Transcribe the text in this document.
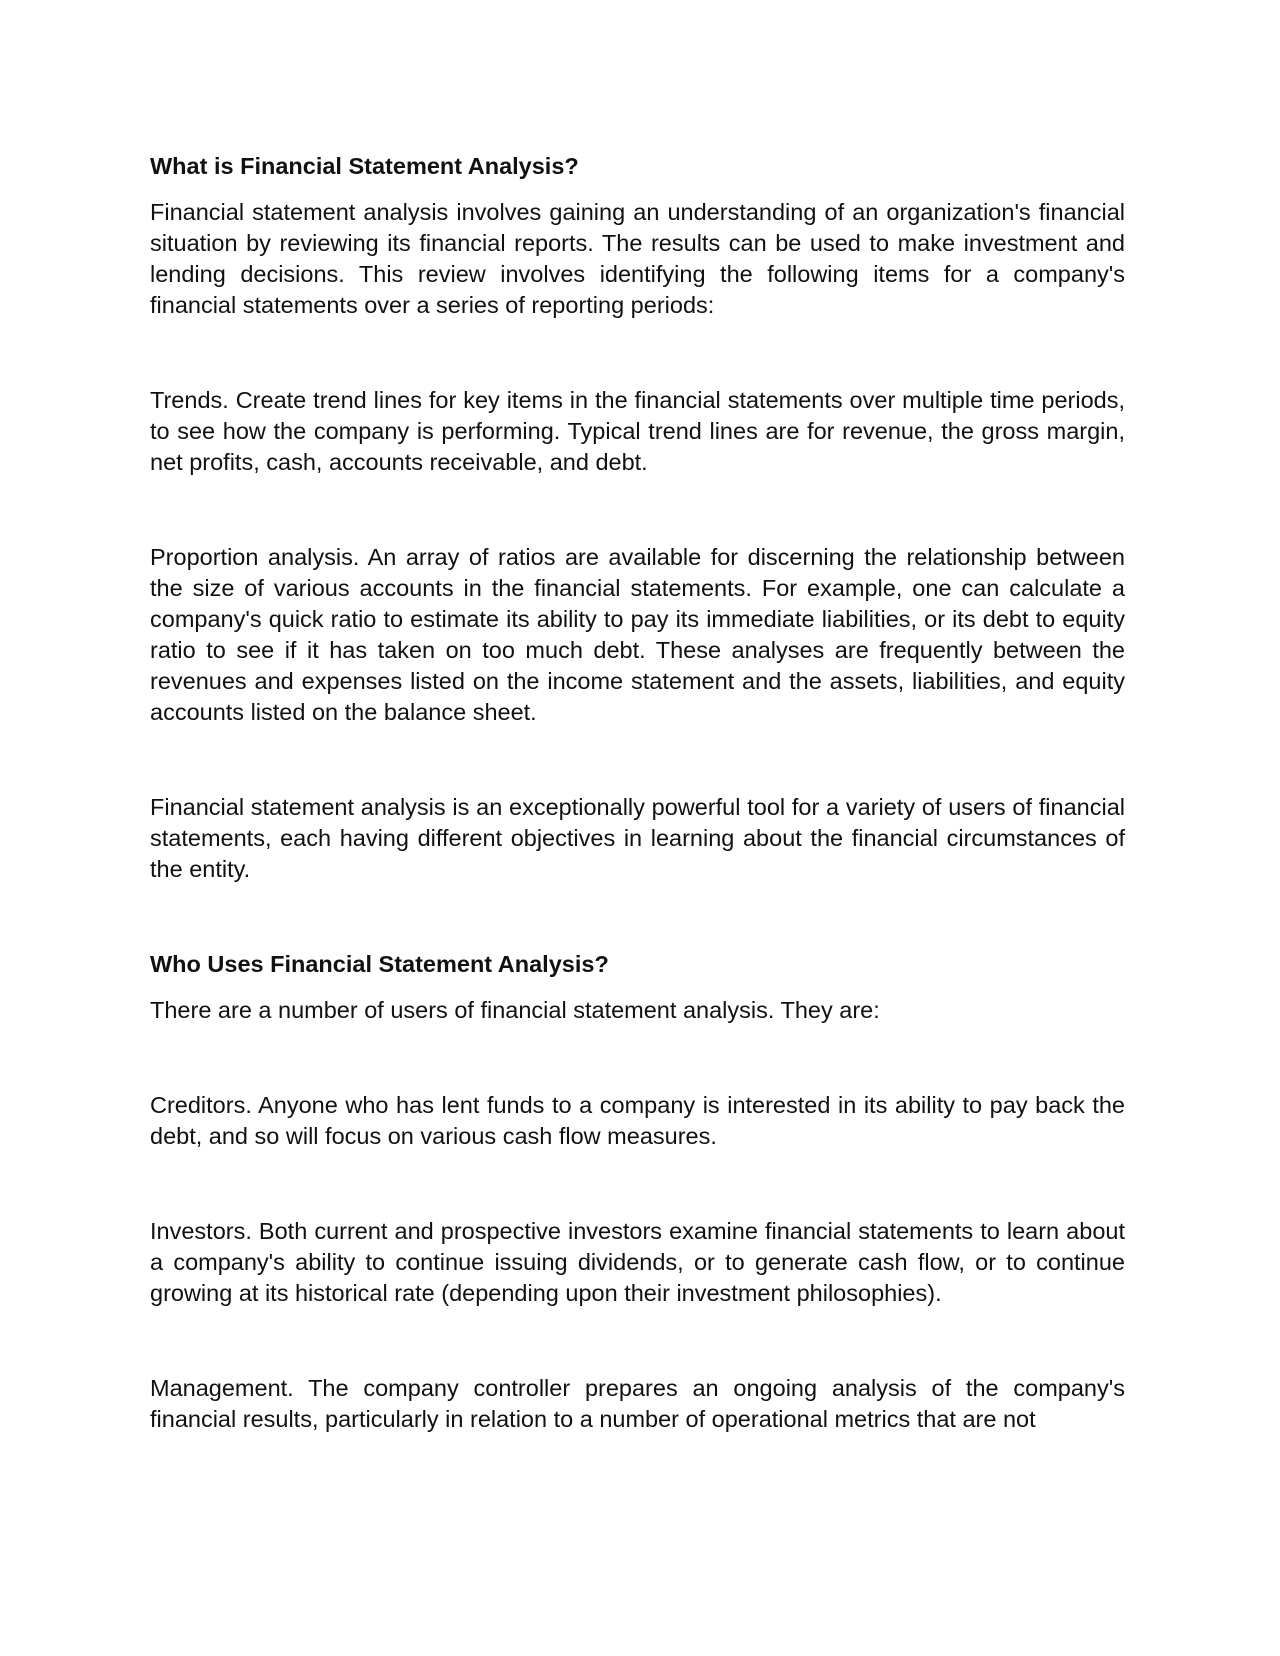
What is Financial Statement Analysis?

Financial statement analysis involves gaining an understanding of an organization's financial situation by reviewing its financial reports. The results can be used to make investment and lending decisions. This review involves identifying the following items for a company's financial statements over a series of reporting periods:

Trends. Create trend lines for key items in the financial statements over multiple time periods, to see how the company is performing. Typical trend lines are for revenue, the gross margin, net profits, cash, accounts receivable, and debt.

Proportion analysis. An array of ratios are available for discerning the relationship between the size of various accounts in the financial statements. For example, one can calculate a company's quick ratio to estimate its ability to pay its immediate liabilities, or its debt to equity ratio to see if it has taken on too much debt. These analyses are frequently between the revenues and expenses listed on the income statement and the assets, liabilities, and equity accounts listed on the balance sheet.

Financial statement analysis is an exceptionally powerful tool for a variety of users of financial statements, each having different objectives in learning about the financial circumstances of the entity.

Who Uses Financial Statement Analysis?

There are a number of users of financial statement analysis. They are:

Creditors. Anyone who has lent funds to a company is interested in its ability to pay back the debt, and so will focus on various cash flow measures.

Investors. Both current and prospective investors examine financial statements to learn about a company's ability to continue issuing dividends, or to generate cash flow, or to continue growing at its historical rate (depending upon their investment philosophies).

Management. The company controller prepares an ongoing analysis of the company's financial results, particularly in relation to a number of operational metrics that are not
